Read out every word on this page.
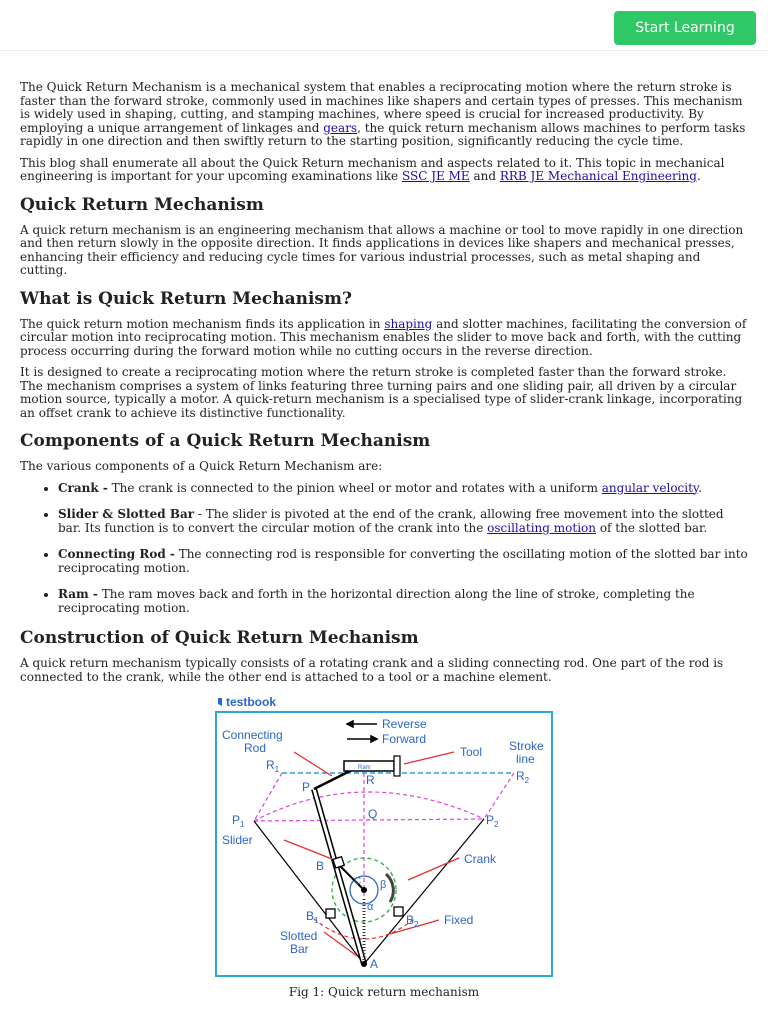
Start Learning

The Quick Return Mechanism is a mechanical system that enables a reciprocating motion where the return stroke is faster than the forward stroke, commonly used in machines like shapers and certain types of presses. This mechanism is widely used in shaping, cutting, and stamping machines, where speed is crucial for increased productivity. By employing a unique arrangement of linkages and gears, the quick return mechanism allows machines to perform tasks rapidly in one direction and then swiftly return to the starting position, significantly reducing the cycle time.

This blog shall enumerate all about the Quick Return mechanism and aspects related to it. This topic in mechanical engineering is important for your upcoming examinations like SSC JE ME and RRB JE Mechanical Engineering.

Quick Return Mechanism

A quick return mechanism is an engineering mechanism that allows a machine or tool to move rapidly in one direction and then return slowly in the opposite direction. It finds applications in devices like shapers and mechanical presses, enhancing their efficiency and reducing cycle times for various industrial processes, such as metal shaping and cutting.

What is Quick Return Mechanism?

The quick return motion mechanism finds its application in shaping and slotter machines, facilitating the conversion of circular motion into reciprocating motion. This mechanism enables the slider to move back and forth, with the cutting process occurring during the forward motion while no cutting occurs in the reverse direction.

It is designed to create a reciprocating motion where the return stroke is completed faster than the forward stroke. The mechanism comprises a system of links featuring three turning pairs and one sliding pair, all driven by a circular motion source, typically a motor. A quick-return mechanism is a specialised type of slider-crank linkage, incorporating an offset crank to achieve its distinctive functionality.

Components of a Quick Return Mechanism

The various components of a Quick Return Mechanism are:

• Crank - The crank is connected to the pinion wheel or motor and rotates with a uniform angular velocity.
• Slider & Slotted Bar - The slider is pivoted at the end of the crank, allowing free movement into the slotted bar. Its function is to convert the circular motion of the crank into the oscillating motion of the slotted bar.
• Connecting Rod - The connecting rod is responsible for converting the oscillating motion of the slotted bar into reciprocating motion.
• Ram - The ram moves back and forth in the horizontal direction along the line of stroke, completing the reciprocating motion.
Construction of Quick Return Mechanism

A quick return mechanism typically consists of a rotating crank and a sliding connecting rod. One part of the rod is connected to the crank, while the other end is attached to a tool or a machine element.

testbook
Ram
Reverse
Forward
Connecting
Rod	Tool Stroke
line
$R_1$	$R_2$
R
P
$P_1$	$P_2$
Q
Slider
Crank
B
$B_1$	$B_2$
C β
α
Fixed
Slotted
Bar
A
Fig 1: Quick return mechanism
